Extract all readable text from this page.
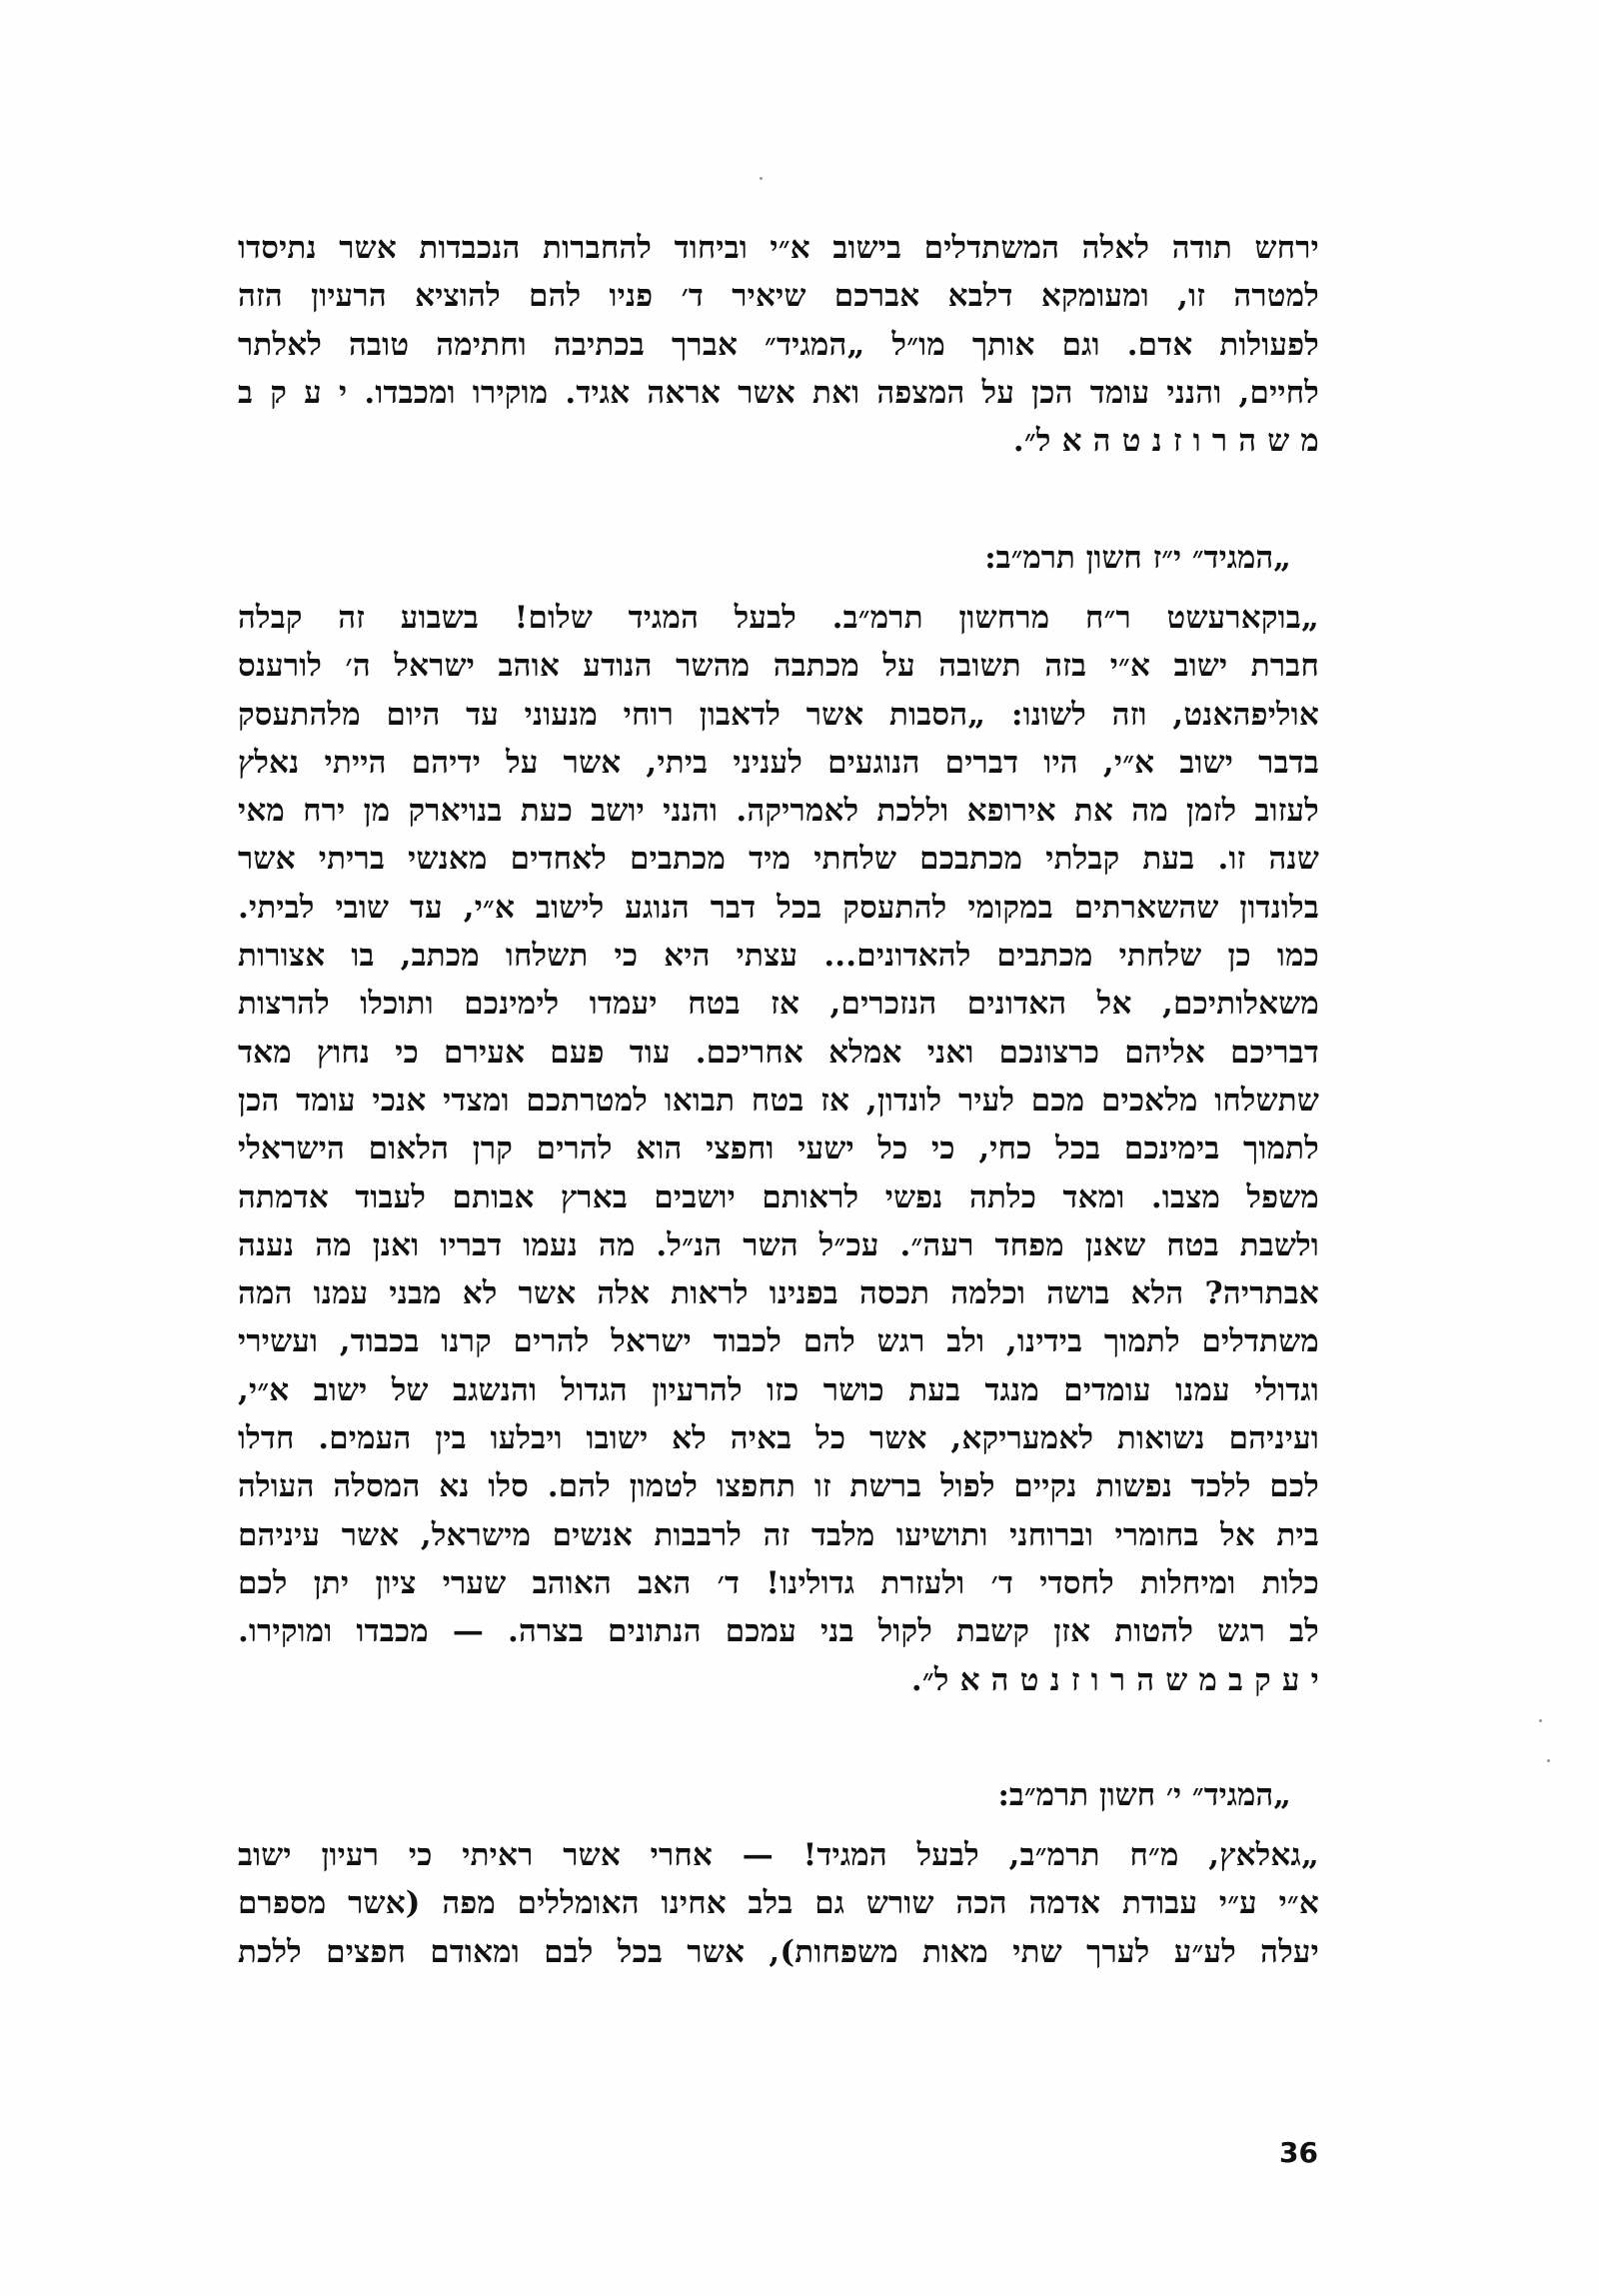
ירחש תודה לאלה המשתדלים בישוב א״י וביחוד להחברות הנכבדות אשר נתיסדו
למטרה זו, ומעומקא דלבא אברכם שיאיר ד׳ פניו להם להוציא הרעיון הזה
לפעולות אדם. וגם אותך מו״ל „המגיד״ אברך בכתיבה וחתימה טובה לאלתר
לחיים, והנני עומד הכן על המצפה ואת אשר אראה אגיד. מוקירו ומכבדו. י ע ק ב
מ ש ה ר ו ז נ ט ה א ל״.
„המגיד״ י״ז חשון תרמ״ב:
„בוקארעשט ר״ח מרחשון תרמ״ב. לבעל המגיד שלום! בשבוע זה קבלה
חברת ישוב א״י בזה תשובה על מכתבה מהשר הנודע אוהב ישראל ה׳ לורענס
אוליפהאנט, וזה לשונו: „הסבות אשר לדאבון רוחי מנעוני עד היום מלהתעסק
בדבר ישוב א״י, היו דברים הנוגעים לעניני ביתי, אשר על ידיהם הייתי נאלץ
לעזוב לזמן מה את אירופא וללכת לאמריקה. והנני יושב כעת בנויארק מן ירח מאי
שנה זו. בעת קבלתי מכתבכם שלחתי מיד מכתבים לאחדים מאנשי בריתי אשר
בלונדון שהשארתים במקומי להתעסק בכל דבר הנוגע לישוב א״י, עד שובי לביתי.
כמו כן שלחתי מכתבים להאדונים... עצתי היא כי תשלחו מכתב, בו אצורות
משאלותיכם, אל האדונים הנזכרים, אז בטח יעמדו לימינכם ותוכלו להרצות
דבריכם אליהם כרצונכם ואני אמלא אחריכם. עוד פעם אעירם כי נחוץ מאד
שתשלחו מלאכים מכם לעיר לונדון, אז בטח תבואו למטרתכם ומצדי אנכי עומד הכן
לתמוך בימינכם בכל כחי, כי כל ישעי וחפצי הוא להרים קרן הלאום הישראלי
משפל מצבו. ומאד כלתה נפשי לראותם יושבים בארץ אבותם לעבוד אדמתה
ולשבת בטח שאנן מפחד רעה״. עכ״ל השר הנ״ל. מה נעמו דבריו ואנן מה נענה
אבתריה? הלא בושה וכלמה תכסה בפנינו לראות אלה אשר לא מבני עמנו המה
משתדלים לתמוך בידינו, ולב רגש להם לכבוד ישראל להרים קרנו בכבוד, ועשירי
וגדולי עמנו עומדים מנגד בעת כושר כזו להרעיון הגדול והנשגב של ישוב א״י,
ועיניהם נשואות לאמעריקא, אשר כל באיה לא ישובו ויבלעו בין העמים. חדלו
לכם ללכד נפשות נקיים לפול ברשת זו תחפצו לטמון להם. סלו נא המסלה העולה
בית אל בחומרי וברוחני ותושיעו מלבד זה לרבבות אנשים מישראל, אשר עיניהם
כלות ומיחלות לחסדי ד׳ ולעזרת גדולינו! ד׳ האב האוהב שערי ציון יתן לכם
לב רגש להטות אזן קשבת לקול בני עמכם הנתונים בצרה. — מכבדו ומוקירו.
י ע ק ב מ ש ה ר ו ז נ ט ה א ל״.
„המגיד״ י׳ חשון תרמ״ב:
„גאלאץ, מ״ח תרמ״ב, לבעל המגיד! — אחרי אשר ראיתי כי רעיון ישוב
א״י ע״י עבודת אדמה הכה שורש גם בלב אחינו האומללים מפה (אשר מספרם
יעלה לע״ע לערך שתי מאות משפחות), אשר בכל לבם ומאודם חפצים ללכת
36
